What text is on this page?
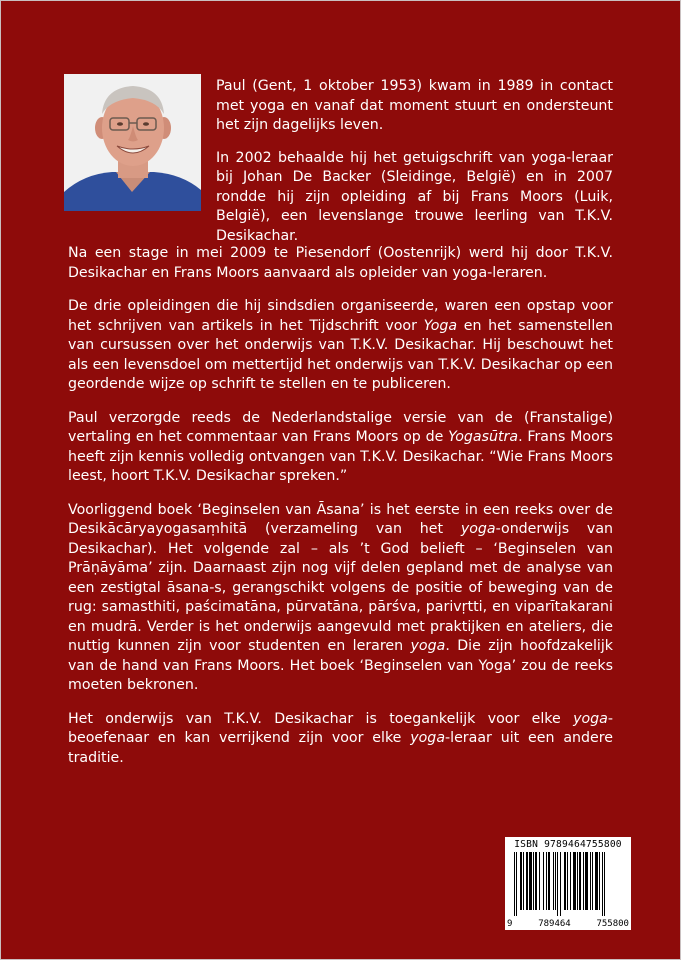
Paul (Gent, 1 oktober 1953) kwam in 1989 in contact met yoga en vanaf dat moment stuurt en ondersteunt het zijn dagelijks leven.

In 2002 behaalde hij het getuigschrift van yoga-leraar bij Johan De Backer (Sleidinge, België) en in 2007 rondde hij zijn opleiding af bij Frans Moors (Luik, België), een levenslange trouwe leerling van T.K.V. Desikachar.

Na een stage in mei 2009 te Piesendorf (Oostenrijk) werd hij door T.K.V. Desikachar en Frans Moors aanvaard als opleider van yoga-leraren.

De drie opleidingen die hij sindsdien organiseerde, waren een opstap voor het schrijven van artikels in het Tijdschrift voor Yoga en het samenstellen van cursussen over het onderwijs van T.K.V. Desikachar. Hij beschouwt het als een levensdoel om mettertijd het onderwijs van T.K.V. Desikachar op een geordende wijze op schrift te stellen en te publiceren.

Paul verzorgde reeds de Nederlandstalige versie van de (Franstalige) vertaling en het commentaar van Frans Moors op de Yogasūtra. Frans Moors heeft zijn kennis volledig ontvangen van T.K.V. Desikachar. “Wie Frans Moors leest, hoort T.K.V. Desikachar spreken.”

Voorliggend boek ‘Beginselen van Āsana’ is het eerste in een reeks over de Desikācāryayogasaṃhitā (verzameling van het yoga-onderwijs van Desikachar). Het volgende zal – als ’t God belieft – ‘Beginselen van Prāṇāyāma’ zijn. Daarnaast zijn nog vijf delen gepland met de analyse van een zestigtal āsana-s, gerangschikt volgens de positie of beweging van de rug: samasthiti, paścimatāna, pūrvatāna, pārśva, parivṛtti, en viparītakarani en mudrā. Verder is het onderwijs aangevuld met praktijken en ateliers, die nuttig kunnen zijn voor studenten en leraren yoga. Die zijn hoofdzakelijk van de hand van Frans Moors. Het boek ‘Beginselen van Yoga’ zou de reeks moeten bekronen.

Het onderwijs van T.K.V. Desikachar is toegankelijk voor elke yoga-beoefenaar en kan verrijkend zijn voor elke yoga-leraar uit een andere traditie.

ISBN 9789464755800
9	789464	755800
